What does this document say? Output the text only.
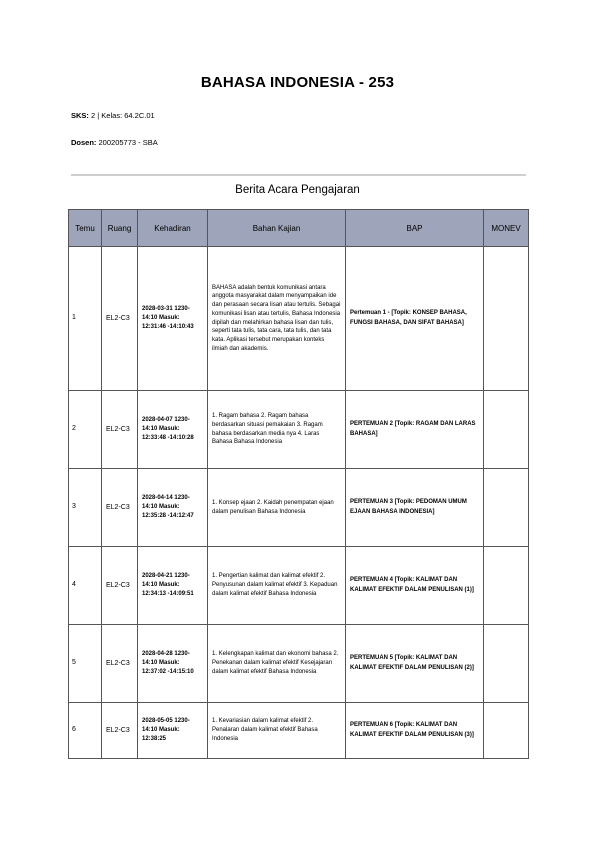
BAHASA INDONESIA - 253
SKS: 2 | Kelas: 64.2C.01
Dosen: 200205773 - SBA
Berita Acara Pengajaran
Temu	Ruang	Kehadiran	Bahan Kajian	BAP	MONEV
1	EL2-C3	2028-03-31 1230-14:10 Masuk: 12:31:46 -14:10:43	BAHASA adalah bentuk komunikasi antara anggota masyarakat dalam menyampaikan ide dan perasaan secara lisan atau tertulis. Sebagai komunikasi lisan atau tertulis, Bahasa Indonesia dipilah dan melahirkan bahasa lisan dan tulis, seperti tata tulis, tata cara, tata tulis, dan tata kata. Aplikasi tersebut merupakan konteks ilmiah dan akademis.	Pertemuan 1 - [Topik: KONSEP BAHASA, FUNGSI BAHASA, DAN SIFAT BAHASA]	
2	EL2-C3	2028-04-07 1230-14:10 Masuk: 12:33:48 -14:10:28	1. Ragam bahasa 2. Ragam bahasa berdasarkan situasi pemakaian 3. Ragam bahasa berdasarkan media nya 4. Laras Bahasa Bahasa Indonesia	PERTEMUAN 2 [Topik: RAGAM DAN LARAS BAHASA]	
3	EL2-C3	2028-04-14 1230-14:10 Masuk: 12:35:28 -14:12:47	1. Konsep ejaan 2. Kaidah penempatan ejaan dalam penulisan Bahasa Indonesia	PERTEMUAN 3 [Topik: PEDOMAN UMUM EJAAN BAHASA INDONESIA]	
4	EL2-C3	2028-04-21 1230-14:10 Masuk: 12:34:13 -14:09:51	1. Pengertian kalimat dan kalimat efektif 2. Penyusunan dalam kalimat efektif 3. Kepaduan dalam kalimat efektif Bahasa Indonesia	PERTEMUAN 4 [Topik: KALIMAT DAN KALIMAT EFEKTIF DALAM PENULISAN (1)]	
5	EL2-C3	2028-04-28 1230-14:10 Masuk: 12:37:02 -14:15:10	1. Kelengkapan kalimat dan ekonomi bahasa 2. Penekanan dalam kalimat efektif Kesejajaran dalam kalimat efektif Bahasa Indonesia	PERTEMUAN 5 [Topik: KALIMAT DAN KALIMAT EFEKTIF DALAM PENULISAN (2)]	
6	EL2-C3	2028-05-05 1230-14:10 Masuk: 12:38:25	1. Kevariasian dalam kalimat efektif 2. Penalaran dalam kalimat efektif Bahasa Indonesia	PERTEMUAN 6 [Topik: KALIMAT DAN KALIMAT EFEKTIF DALAM PENULISAN (3)]	
